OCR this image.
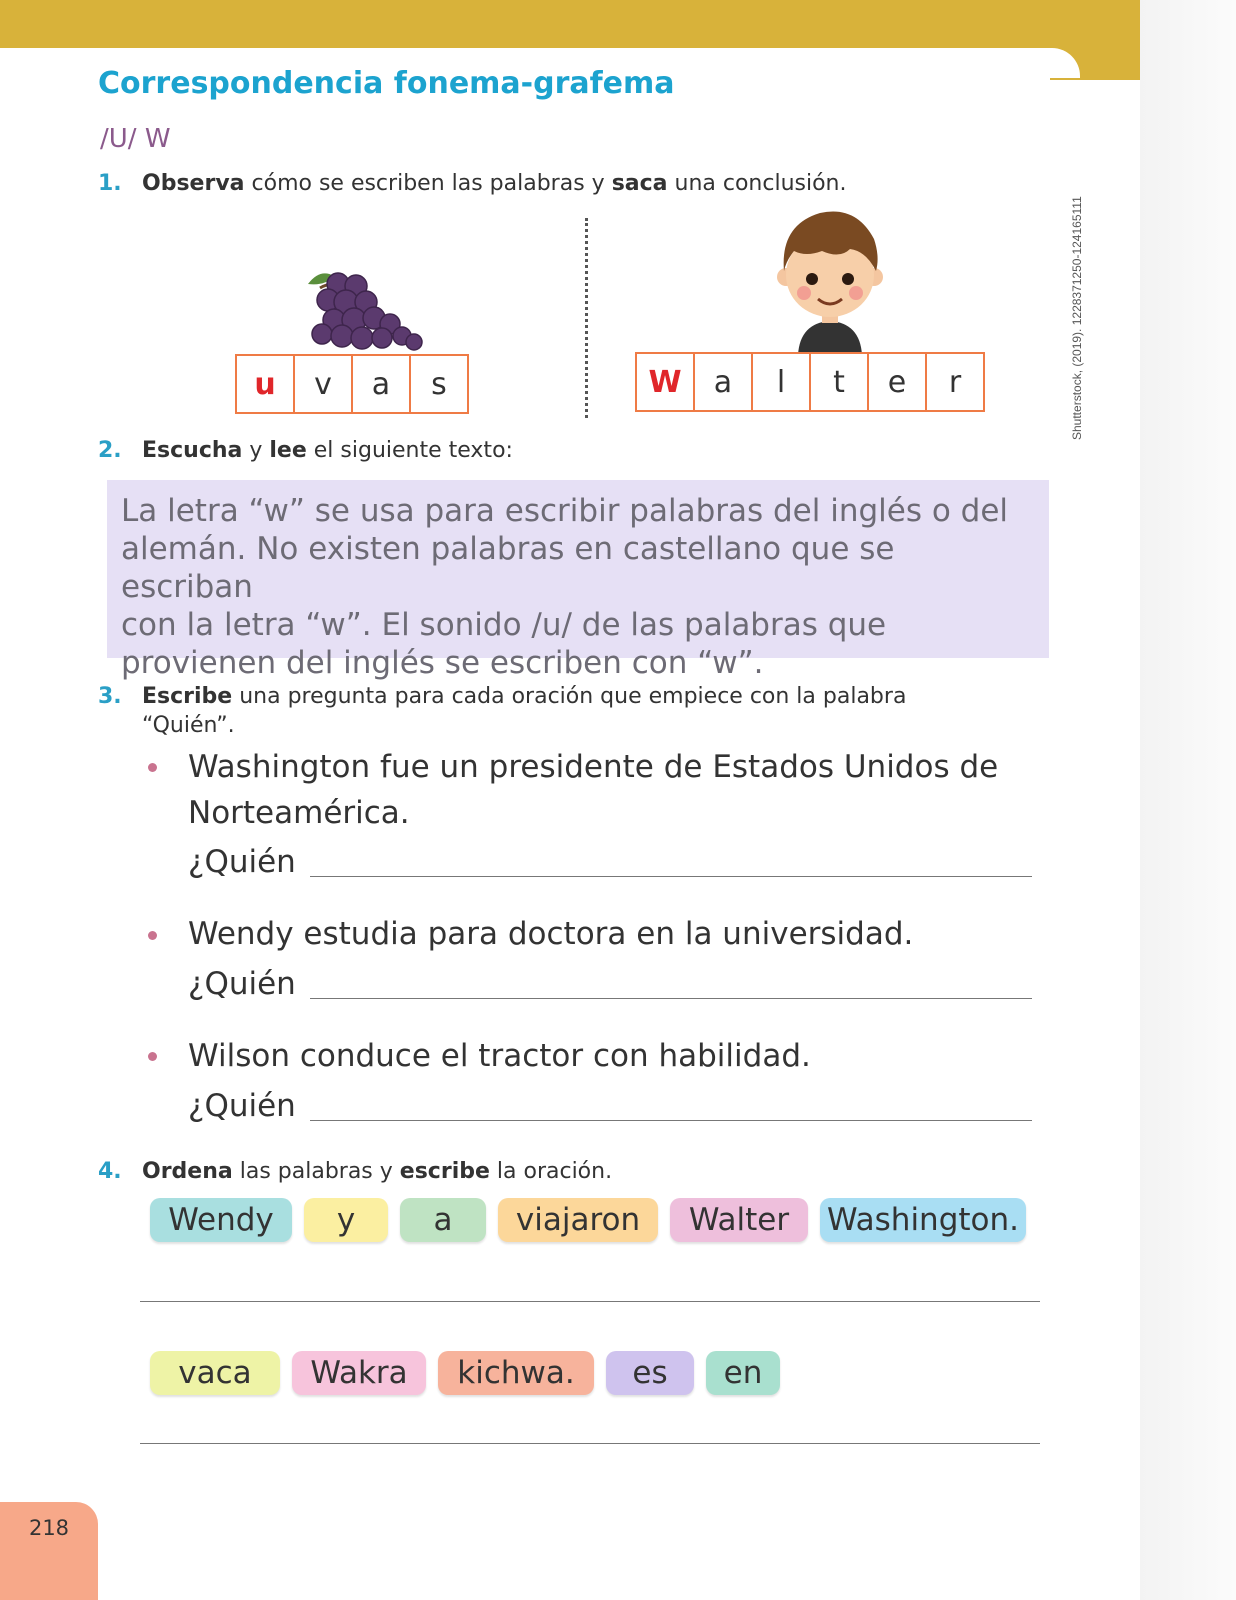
Correspondencia fonema-grafema
/U/ W
Shutterstock, (2019). 1228371250-124165111
1. Observa cómo se escriben las palabras y saca una conclusión.
u	v	a	s	W	a	l	t	e	r
2. Escucha y lee el siguiente texto:
La letra “w” se usa para escribir palabras del inglés o del
alemán. No existen palabras en castellano que se escriban
con la letra “w”. El sonido /u/ de las palabras que
provienen del inglés se escriben con “w”.
3. Escribe una pregunta para cada oración que empiece con la palabra
“Quién”.
Washington fue un presidente de Estados Unidos de
Norteamérica.
¿Quién
Wendy estudia para doctora en la universidad.
¿Quién
Wilson conduce el tractor con habilidad.
¿Quién
4. Ordena las palabras y escribe la oración.
Wendy	y	a	viajaron	Walter	Washington.
vaca	Wakra	kichwa.	es	en
218
